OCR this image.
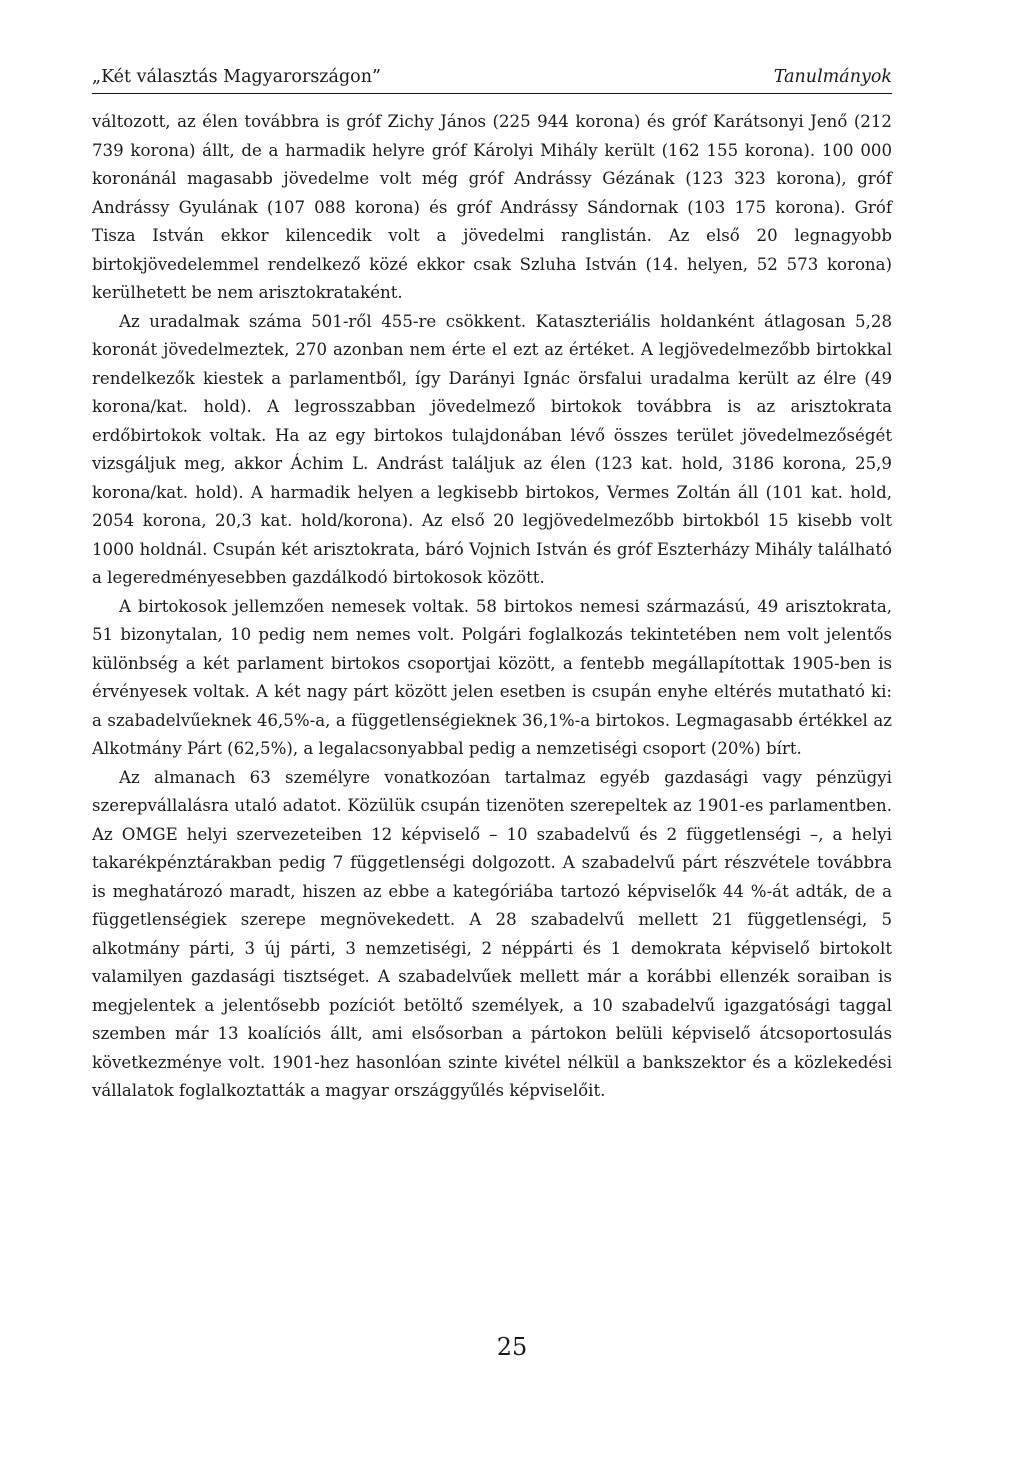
„Két választás Magyarországon”	Tanulmányok

változott, az élen továbbra is gróf Zichy János (225 944 korona) és gróf Karátsonyi Jenő (212 739 korona) állt, de a harmadik helyre gróf Károlyi Mihály került (162 155 korona). 100 000 koronánál magasabb jövedelme volt még gróf Andrássy Gézának (123 323 korona), gróf Andrássy Gyulának (107 088 korona) és gróf Andrássy Sándornak (103 175 korona). Gróf Tisza István ekkor kilencedik volt a jövedelmi ranglistán. Az első 20 legnagyobb birtokjövedelemmel rendelkező közé ekkor csak Szluha István (14. helyen, 52 573 korona) kerülhetett be nem arisztokrataként.

Az uradalmak száma 501-ről 455-re csökkent. Kataszteriális holdanként átlagosan 5,28 koronát jövedelmeztek, 270 azonban nem érte el ezt az értéket. A legjövedelmezőbb birtokkal rendelkezők kiestek a parlamentből, így Darányi Ignác örsfalui uradalma került az élre (49 korona/kat. hold). A legrosszabban jövedelmező birtokok továbbra is az arisztokrata erdőbirtokok voltak. Ha az egy birtokos tulajdonában lévő összes terület jövedelmezőségét vizsgáljuk meg, akkor Áchim L. Andrást találjuk az élen (123 kat. hold, 3186 korona, 25,9 korona/kat. hold). A harmadik helyen a legkisebb birtokos, Vermes Zoltán áll (101 kat. hold, 2054 korona, 20,3 kat. hold/korona). Az első 20 legjövedelmezőbb birtokból 15 kisebb volt 1000 holdnál. Csupán két arisztokrata, báró Vojnich István és gróf Eszterházy Mihály található a legeredményesebben gazdálkodó birtokosok között.

A birtokosok jellemzően nemesek voltak. 58 birtokos nemesi származású, 49 arisztokrata, 51 bizonytalan, 10 pedig nem nemes volt. Polgári foglalkozás tekintetében nem volt jelentős különbség a két parlament birtokos csoportjai között, a fentebb megállapítottak 1905-ben is érvényesek voltak. A két nagy párt között jelen esetben is csupán enyhe eltérés mutatható ki: a szabadelvűeknek 46,5%-a, a függetlenségieknek 36,1%-a birtokos. Legmagasabb értékkel az Alkotmány Párt (62,5%), a legalacsonyabbal pedig a nemzetiségi csoport (20%) bírt.

Az almanach 63 személyre vonatkozóan tartalmaz egyéb gazdasági vagy pénzügyi szerepvállalásra utaló adatot. Közülük csupán tizenöten szerepeltek az 1901-es parlamentben. Az OMGE helyi szervezeteiben 12 képviselő – 10 szabadelvű és 2 függetlenségi –, a helyi takarékpénztárakban pedig 7 függetlenségi dolgozott. A szabadelvű párt részvétele továbbra is meghatározó maradt, hiszen az ebbe a kategóriába tartozó képviselők 44 %-át adták, de a függetlenségiek szerepe megnövekedett. A 28 szabadelvű mellett 21 függetlenségi, 5 alkotmány párti, 3 új párti, 3 nemzetiségi, 2 néppárti és 1 demokrata képviselő birtokolt valamilyen gazdasági tisztséget. A szabadelvűek mellett már a korábbi ellenzék soraiban is megjelentek a jelentősebb pozíciót betöltő személyek, a 10 szabadelvű igazgatósági taggal szemben már 13 koalíciós állt, ami elsősorban a pártokon belüli képviselő átcsoportosulás következménye volt. 1901-hez hasonlóan szinte kivétel nélkül a bankszektor és a közlekedési vállalatok foglalkoztatták a magyar országgyűlés képviselőit.

25
